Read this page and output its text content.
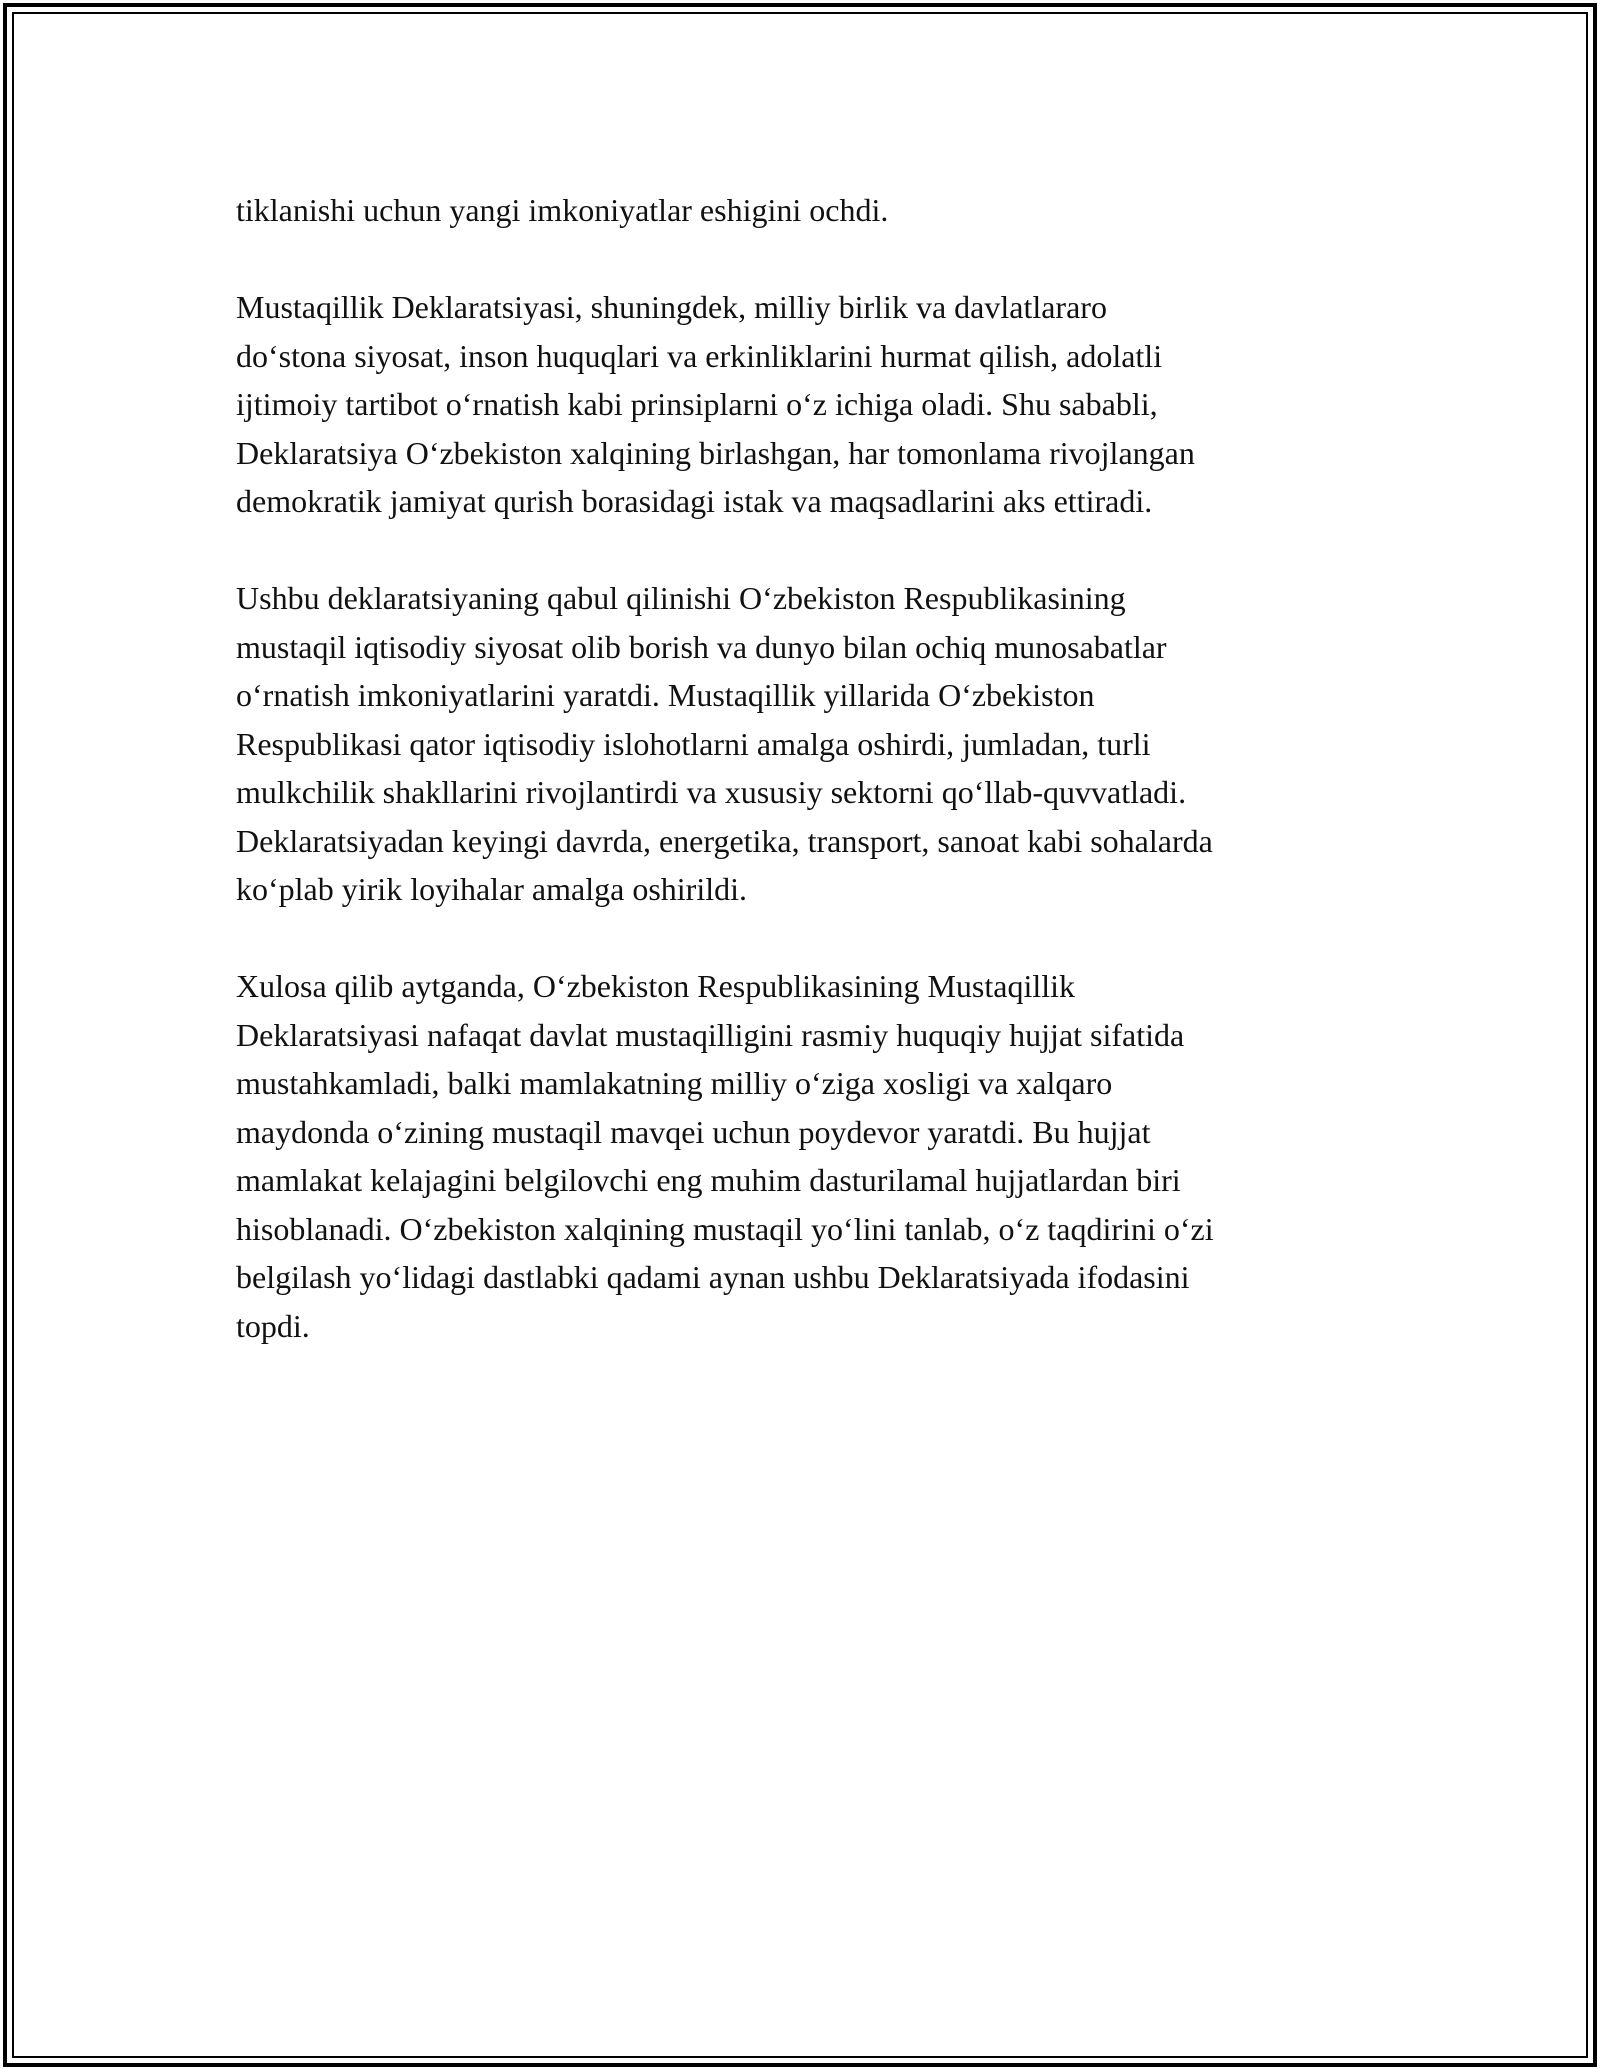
tiklanishi uchun yangi imkoniyatlar eshigini ochdi.

Mustaqillik Deklaratsiyasi, shuningdek, milliy birlik va davlatlararo
do‘stona siyosat, inson huquqlari va erkinliklarini hurmat qilish, adolatli
ijtimoiy tartibot o‘rnatish kabi prinsiplarni o‘z ichiga oladi. Shu sababli,
Deklaratsiya O‘zbekiston xalqining birlashgan, har tomonlama rivojlangan
demokratik jamiyat qurish borasidagi istak va maqsadlarini aks ettiradi.

Ushbu deklaratsiyaning qabul qilinishi O‘zbekiston Respublikasining
mustaqil iqtisodiy siyosat olib borish va dunyo bilan ochiq munosabatlar
o‘rnatish imkoniyatlarini yaratdi. Mustaqillik yillarida O‘zbekiston
Respublikasi qator iqtisodiy islohotlarni amalga oshirdi, jumladan, turli
mulkchilik shakllarini rivojlantirdi va xususiy sektorni qo‘llab-quvvatladi.
Deklaratsiyadan keyingi davrda, energetika, transport, sanoat kabi sohalarda
ko‘plab yirik loyihalar amalga oshirildi.

Xulosa qilib aytganda, O‘zbekiston Respublikasining Mustaqillik
Deklaratsiyasi nafaqat davlat mustaqilligini rasmiy huquqiy hujjat sifatida
mustahkamladi, balki mamlakatning milliy o‘ziga xosligi va xalqaro
maydonda o‘zining mustaqil mavqei uchun poydevor yaratdi. Bu hujjat
mamlakat kelajagini belgilovchi eng muhim dasturilamal hujjatlardan biri
hisoblanadi. O‘zbekiston xalqining mustaqil yo‘lini tanlab, o‘z taqdirini o‘zi
belgilash yo‘lidagi dastlabki qadami aynan ushbu Deklaratsiyada ifodasini
topdi.
